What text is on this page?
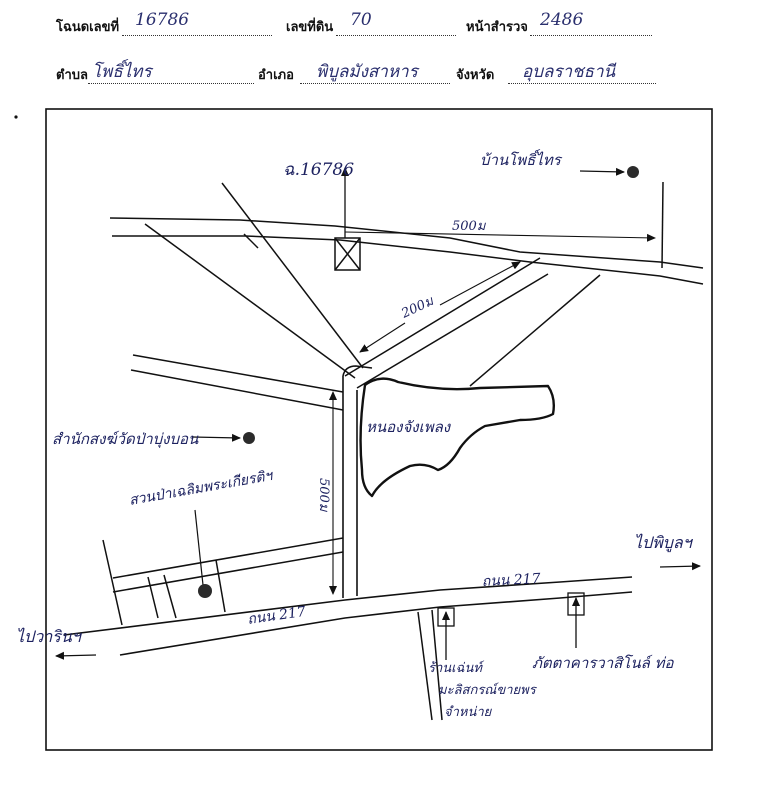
โฉนดเลขที่ 16786	เลขที่ดิน 70	หน้าสำรวจ 2486
ตำบล โพธิ์ไทร	อำเภอ พิบูลมังสาหาร	จังหวัด อุบลราชธานี
ฉ.16786	บ้านโพธิ์ไทร
500ม
200ม
500ม
หนองจังเพลง
สำนักสงฆ์วัดป่าบุ่งบอน
สวนป่าเฉลิมพระเกียรติฯ
ถนน 217
ถนน 217
ไปพิบูลฯ
ไปวารินฯ
ร้านเฉ่นท์
มะลิสกรณ์ขายพร
จำหน่าย
ภัตตาคารวาสิโนล์ ท่อ
